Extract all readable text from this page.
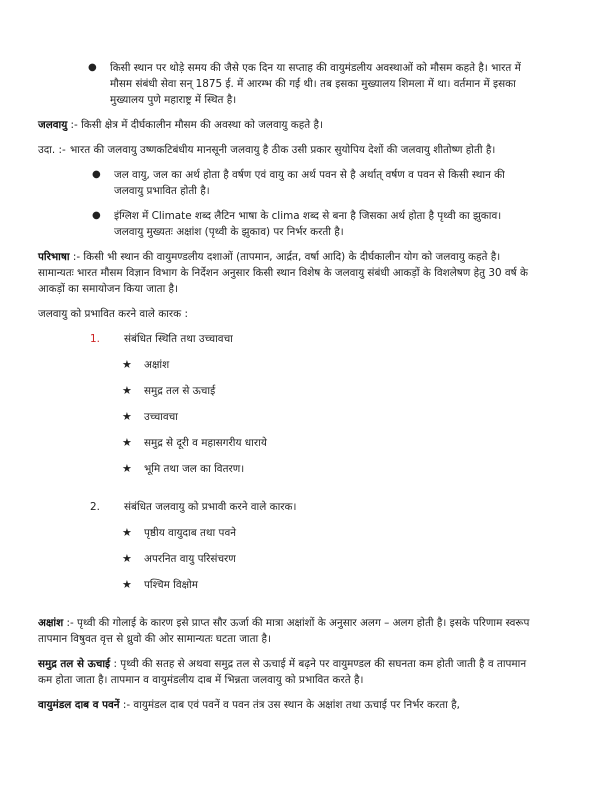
● किसी स्थान पर थोड़े समय की जैसे एक दिन या सप्ताह की वायुमंडलीय अवस्थाओं को मौसम कहते है। भारत में मौसम संबंधी सेवा सन् 1875 ई. में आरम्भ की गई थी। तब इसका मुख्यालय शिमला में था। वर्तमान में इसका मुख्यालय पुणे महाराष्ट्र में स्थित है।

जलवायु :- किसी क्षेत्र में दीर्घकालीन मौसम की अवस्था को जलवायु कहते है।

उदा. :- भारत की जलवायु उष्णकटिबंधीय मानसूनी जलवायु है ठीक उसी प्रकार सुयोपिय देशों की जलवायु शीतोष्ण होती है।

● जल वायु, जल का अर्थ होता है वर्षण एवं वायु का अर्थ पवन से है अर्थात् वर्षण व पवन से किसी स्थान की जलवायु प्रभावित होती है।

● इंग्लिश में Climate शब्द लैटिन भाषा के clima शब्द से बना है जिसका अर्थ होता है पृथ्वी का झुकाव। जलवायु मुख्यतः अक्षांश (पृथ्वी के झुकाव) पर निर्भर करती है।

परिभाषा :- किसी भी स्थान की वायुमण्डलीय दशाओं (तापमान, आर्द्रत, वर्षा आदि) के दीर्घकालीन योग को जलवायु कहते है। सामान्यतः भारत मौसम विज्ञान विभाग के निर्देशन अनुसार किसी स्थान विशेष के जलवायु संबंधी आकड़ों के विशलेषण हेतु 30 वर्ष के आकड़ों का समायोजन किया जाता है।

जलवायु को प्रभावित करने वाले कारक :

1. संबंधित स्थिति तथा उच्चावचा

★ अक्षांश
★ समुद्र तल से ऊचाई
★ उच्चावचा
★ समुद्र से दूरी व महासगरीय धाराये
★ भूमि तथा जल का वितरण।
2. संबंधित जलवायु को प्रभावी करने वाले कारक।

★ पृष्ठीय वायुदाब तथा पवने
★ अपरनित वायु परिसंचरण
★ पश्चिम विक्षोम

अक्षांश :- पृथ्वी की गोलाई के कारण इसे प्राप्त सौर ऊर्जा की मात्रा अक्षांशों के अनुसार अलग – अलग होती है। इसके परिणाम स्वरूप तापमान विषुवत वृत्त से ध्रुवो की ओर सामान्यतः घटता जाता है।

समुद्र तल से ऊचाई : पृथ्वी की सतह से अथवा समुद्र तल से ऊचाई में बढ़ने पर वायुमण्डल की सघनता कम होती जाती है व तापमान कम होता जाता है। तापमान व वायुमंडलीय दाब में भिन्नता जलवायु को प्रभावित करते है।

वायुमंडल दाब व पवनें :- वायुमंडल दाब एवं पवनें व पवन तंत्र उस स्थान के अक्षांश तथा ऊचाई पर निर्भर करता है,
